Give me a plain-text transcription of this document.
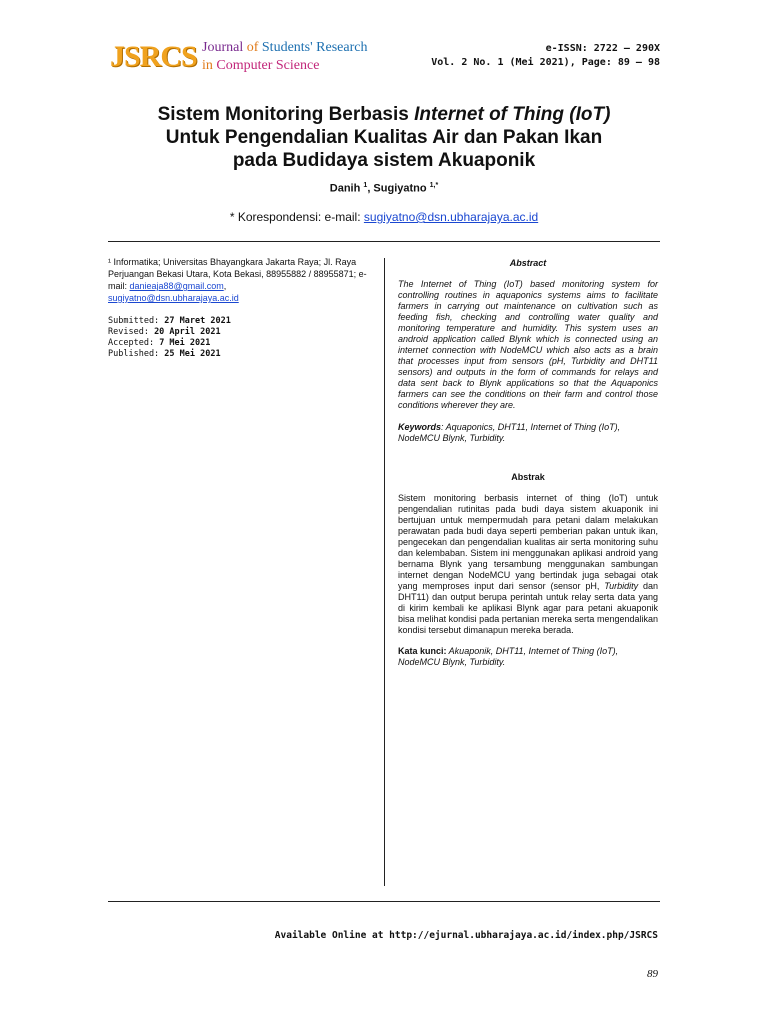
JSRCS Journal of Students' Research
in Computer Science
e-ISSN: 2722 – 290X
Vol. 2 No. 1 (Mei 2021), Page: 89 – 98
Sistem Monitoring Berbasis Internet of Thing (IoT)
Untuk Pengendalian Kualitas Air dan Pakan Ikan
pada Budidaya sistem Akuaponik
Danih $^1$, Sugiyatno $^{1,*}$
* Korespondensi: e-mail: sugiyatno@dsn.ubharajaya.ac.id
¹ Informatika; Universitas Bhayangkara Jakarta Raya; Jl. Raya Perjuangan Bekasi Utara, Kota Bekasi, 88955882 / 88955871; e-mail: danieaja88@gmail.com,
sugiyatno@dsn.ubharajaya.ac.id
Submitted: 27 Maret 2021
Revised: 20 April 2021
Accepted: 7 Mei 2021
Published: 25 Mei 2021
Abstract
The Internet of Thing (IoT) based monitoring system for controlling routines in aquaponics systems aims to facilitate farmers in carrying out maintenance on cultivation such as feeding fish, checking and controlling water quality and monitoring temperature and humidity. This system uses an android application called Blynk which is connected using an internet connection with NodeMCU which also acts as a brain that processes input from sensors (pH, Turbidity and DHT11 sensors) and outputs in the form of commands for relays and data sent back to Blynk applications so that the Aquaponics farmers can see the conditions on their farm and control those conditions wherever they are.
Keywords: Aquaponics, DHT11, Internet of Thing (IoT), NodeMCU Blynk, Turbidity.
Abstrak
Sistem monitoring berbasis internet of thing (IoT) untuk pengendalian rutinitas pada budi daya sistem akuaponik ini bertujuan untuk mempermudah para petani dalam melakukan perawatan pada budi daya seperti pemberian pakan untuk ikan, pengecekan dan pengendalian kualitas air serta monitoring suhu dan kelembaban. Sistem ini menggunakan aplikasi android yang bernama Blynk yang tersambung menggunakan sambungan internet dengan NodeMCU yang bertindak juga sebagai otak yang memproses input dari sensor (sensor pH, Turbidity dan DHT11) dan output berupa perintah untuk relay serta data yang di kirim kembali ke aplikasi Blynk agar para petani akuaponik bisa melihat kondisi pada pertanian mereka serta mengendalikan kondisi tersebut dimanapun mereka berada.
Kata kunci: Akuaponik, DHT11, Internet of Thing (IoT), NodeMCU Blynk, Turbidity.
Available Online at http://ejurnal.ubharajaya.ac.id/index.php/JSRCS
89
